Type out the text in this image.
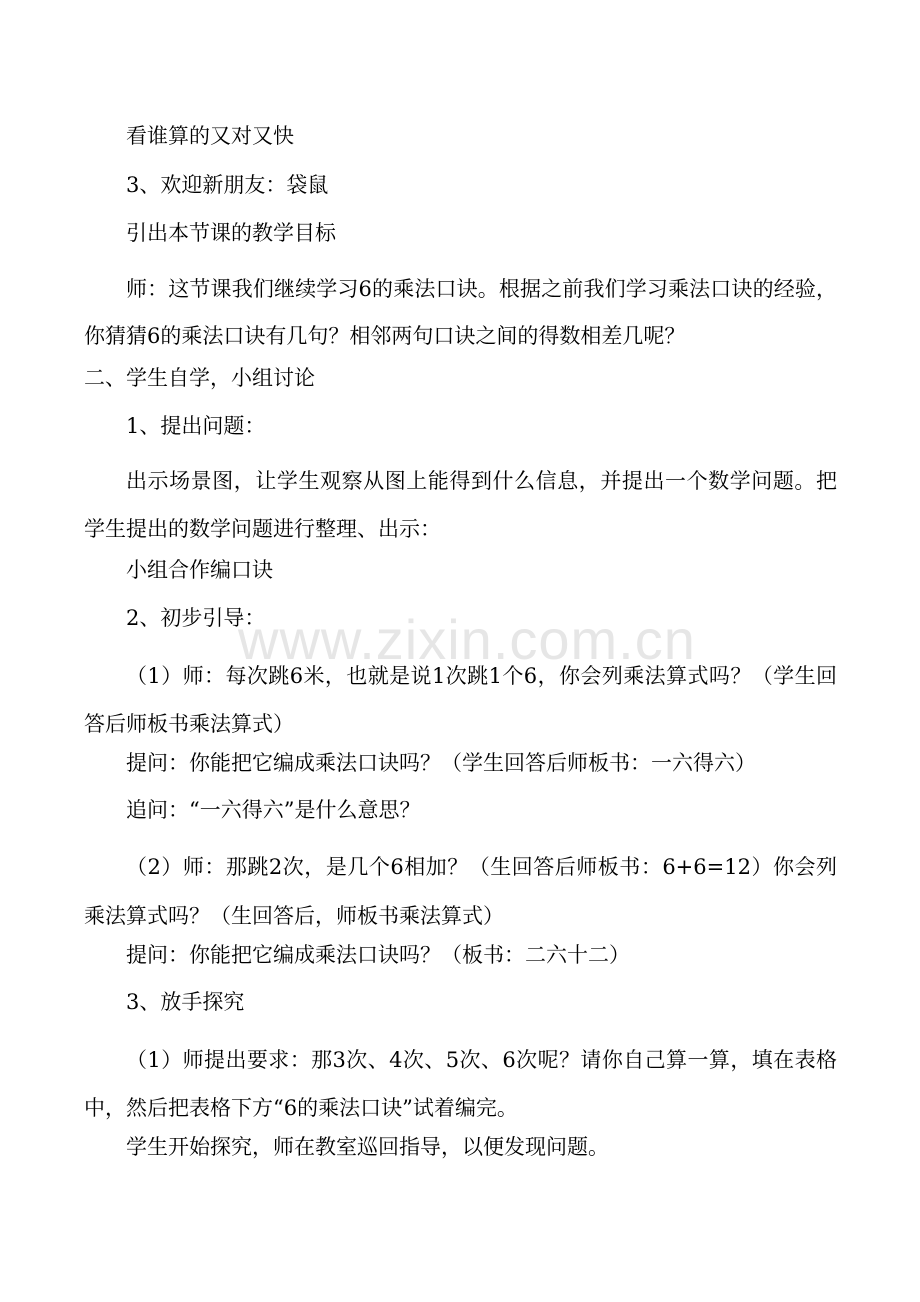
www.zixin.com.cn
看谁算的又对又快
3、欢迎新朋友：袋鼠
引出本节课的教学目标
师：这节课我们继续学习6的乘法口诀。根据之前我们学习乘法口诀的经验，你猜猜6的乘法口诀有几句？相邻两句口诀之间的得数相差几呢？
二、学生自学，小组讨论
1、提出问题：
出示场景图，让学生观察从图上能得到什么信息，并提出一个数学问题。把学生提出的数学问题进行整理、出示：
小组合作编口诀
2、初步引导：
（1）师：每次跳6米，也就是说1次跳1个6，你会列乘法算式吗？（学生回答后师板书乘法算式）
提问：你能把它编成乘法口诀吗？（学生回答后师板书：一六得六）
追问：“一六得六”是什么意思？
（2）师：那跳2次，是几个6相加？（生回答后师板书：6+6=12）你会列乘法算式吗？（生回答后，师板书乘法算式）
提问：你能把它编成乘法口诀吗？（板书：二六十二）
3、放手探究
（1）师提出要求：那3次、4次、5次、6次呢？请你自己算一算，填在表格中，然后把表格下方“6的乘法口诀”试着编完。
学生开始探究，师在教室巡回指导，以便发现问题。
